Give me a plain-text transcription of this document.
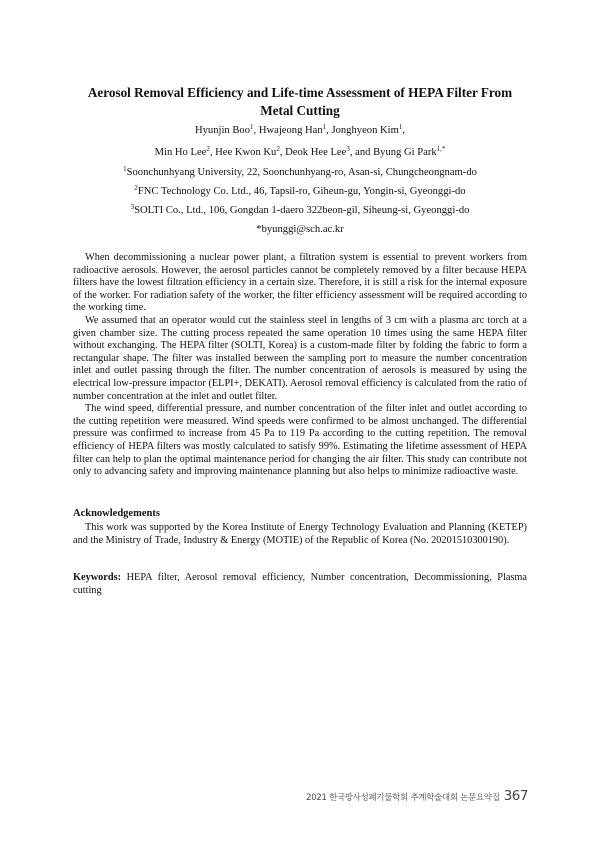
Aerosol Removal Efficiency and Life-time Assessment of HEPA Filter From Metal Cutting
Hyunjin Boo$^1$, Hwajeong Han$^1$, Jonghyeon Kim$^1$,
Min Ho Lee$^2$, Hee Kwon Ku$^2$, Deok Hee Lee$^3$, and Byung Gi Park$^{1,*}$
$^1$Soonchunhyang University, 22, Soonchunhyang-ro, Asan-si, Chungcheongnam-do
$^2$FNC Technology Co. Ltd., 46, Tapsil-ro, Giheun-gu, Yongin-si, Gyeonggi-do
$^3$SOLTI Co., Ltd., 106, Gongdan 1-daero 322beon-gil, Siheung-si, Gyeonggi-do
*byunggi@sch.ac.kr

When decommissioning a nuclear power plant, a filtration system is essential to prevent workers from radioactive aerosols. However, the aerosol particles cannot be completely removed by a filter because HEPA filters have the lowest filtration efficiency in a certain size. Therefore, it is still a risk for the internal exposure of the worker. For radiation safety of the worker, the filter efficiency assessment will be required according to the working time.

We assumed that an operator would cut the stainless steel in lengths of 3 cm with a plasma arc torch at a given chamber size. The cutting process repeated the same operation 10 times using the same HEPA filter without exchanging. The HEPA filter (SOLTI, Korea) is a custom-made filter by folding the fabric to form a rectangular shape. The filter was installed between the sampling port to measure the number concentration inlet and outlet passing through the filter. The number concentration of aerosols is measured by using the electrical low-pressure impactor (ELPI+, DEKATI). Aerosol removal efficiency is calculated from the ratio of number concentration at the inlet and outlet filter.

The wind speed, differential pressure, and number concentration of the filter inlet and outlet according to the cutting repetition were measured. Wind speeds were confirmed to be almost unchanged. The differential pressure was confirmed to increase from 45 Pa to 119 Pa according to the cutting repetition. The removal efficiency of HEPA filters was mostly calculated to satisfy 99%. Estimating the lifetime assessment of HEPA filter can help to plan the optimal maintenance period for changing the air filter. This study can contribute not only to advancing safety and improving maintenance planning but also helps to minimize radioactive waste.

Acknowledgements

This work was supported by the Korea Institute of Energy Technology Evaluation and Planning (KETEP) and the Ministry of Trade, Industry & Energy (MOTIE) of the Republic of Korea (No. 20201510300190).

Keywords: HEPA filter, Aerosol removal efficiency, Number concentration, Decommissioning, Plasma cutting
2021 한국방사성폐기물학회 추계학술대회 논문요약집 367
